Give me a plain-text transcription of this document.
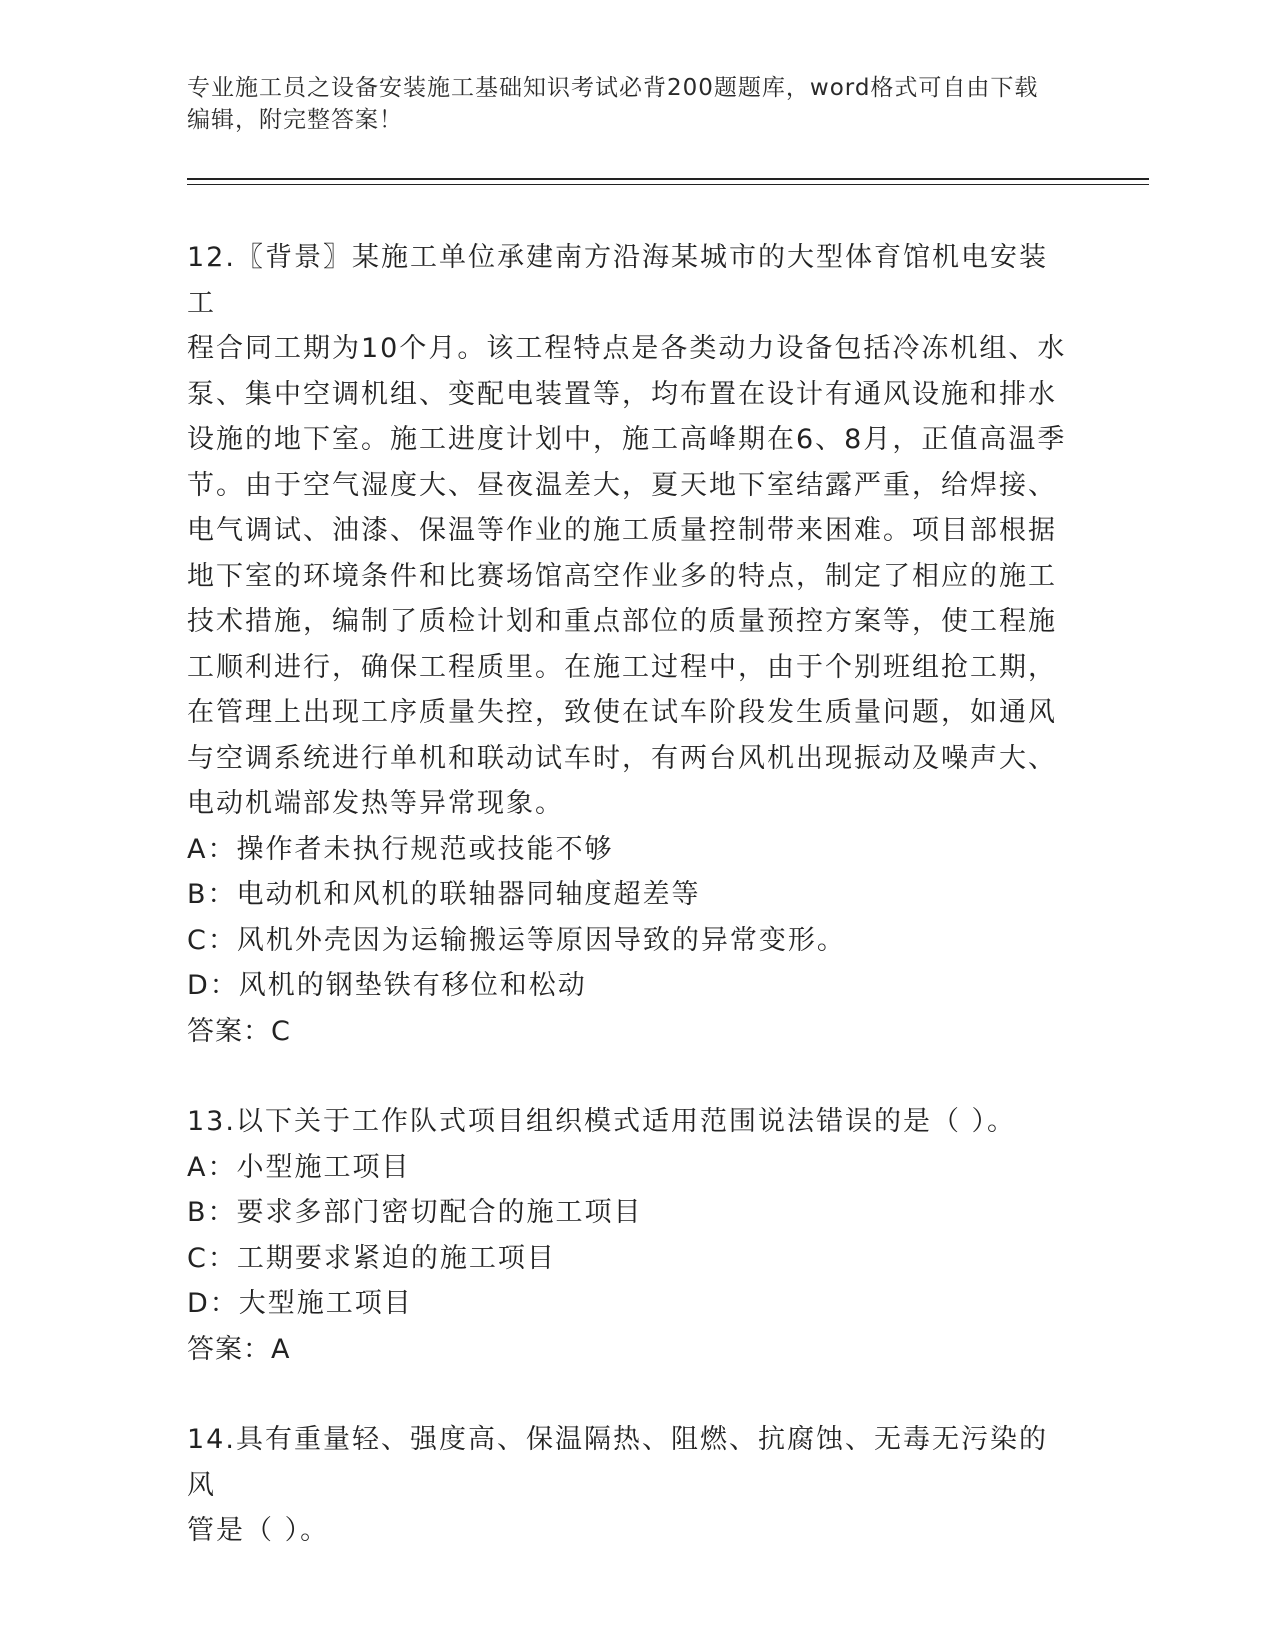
专业施工员之设备安装施工基础知识考试必背200题题库，word格式可自由下载
编辑，附完整答案！
12.〖背景〗某施工单位承建南方沿海某城市的大型体育馆机电安装工
程合同工期为10个月。该工程特点是各类动力设备包括冷冻机组、水
泵、集中空调机组、变配电装置等，均布置在设计有通风设施和排水
设施的地下室。施工进度计划中，施工高峰期在6、8月，正值高温季
节。由于空气湿度大、昼夜温差大，夏天地下室结露严重，给焊接、
电气调试、油漆、保温等作业的施工质量控制带来困难。项目部根据
地下室的环境条件和比赛场馆高空作业多的特点，制定了相应的施工
技术措施，编制了质检计划和重点部位的质量预控方案等，使工程施
工顺利进行，确保工程质里。在施工过程中，由于个别班组抢工期，
在管理上出现工序质量失控，致使在试车阶段发生质量问题，如通风
与空调系统进行单机和联动试车时，有两台风机出现振动及噪声大、
电动机端部发热等异常现象。
A：操作者未执行规范或技能不够
B：电动机和风机的联轴器同轴度超差等
C：风机外壳因为运输搬运等原因导致的异常变形。
D：风机的钢垫铁有移位和松动
答案：C
13.以下关于工作队式项目组织模式适用范围说法错误的是（ ）。
A：小型施工项目
B：要求多部门密切配合的施工项目
C：工期要求紧迫的施工项目
D：大型施工项目
答案：A
14.具有重量轻、强度高、保温隔热、阻燃、抗腐蚀、无毒无污染的风
管是（ ）。
